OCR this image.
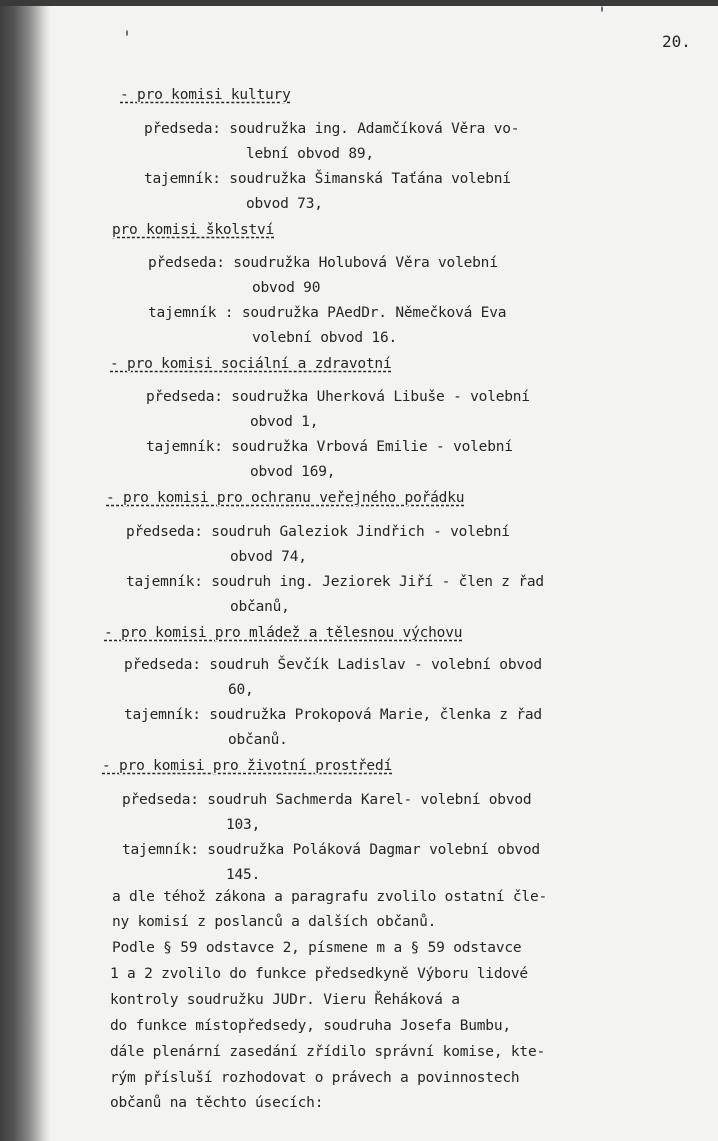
20.
- pro komisi kultury
předseda: soudružka ing. Adamčíková Věra vo-
lební obvod 89,
tajemník: soudružka Šimanská Taťána volební
obvod 73,
pro komisi školství
předseda: soudružka Holubová Věra volební
obvod 90
tajemník : soudružka PAedDr. Němečková Eva
volební obvod 16.
- pro komisi sociální a zdravotní
předseda: soudružka Uherková Libuše - volební
obvod 1,
tajemník: soudružka Vrbová Emilie - volební
obvod 169,
- pro komisi pro ochranu veřejného pořádku
předseda: soudruh Galeziok Jindřich - volební
obvod 74,
tajemník: soudruh ing. Jeziorek Jiří - člen z řad
občanů,
- pro komisi pro mládež a tělesnou výchovu
předseda: soudruh Ševčík Ladislav - volební obvod
60,
tajemník: soudružka Prokopová Marie, členka z řad
občanů.
- pro komisi pro životní prostředí
předseda: soudruh Sachmerda Karel- volební obvod
103,
tajemník: soudružka Poláková Dagmar volební obvod
145.
a dle téhož zákona a paragrafu zvolilo ostatní čle-
ny komisí z poslanců a dalších občanů.
Podle § 59 odstavce 2, písmene m a § 59 odstavce
1 a 2 zvolilo do funkce předsedkyně Výboru lidové
kontroly soudružku JUDr. Vieru Řeháková a
do funkce místopředsedy, soudruha Josefa Bumbu,
dále plenární zasedání zřídilo správní komise, kte-
rým přísluší rozhodovat o právech a povinnostech
občanů na těchto úsecích:
